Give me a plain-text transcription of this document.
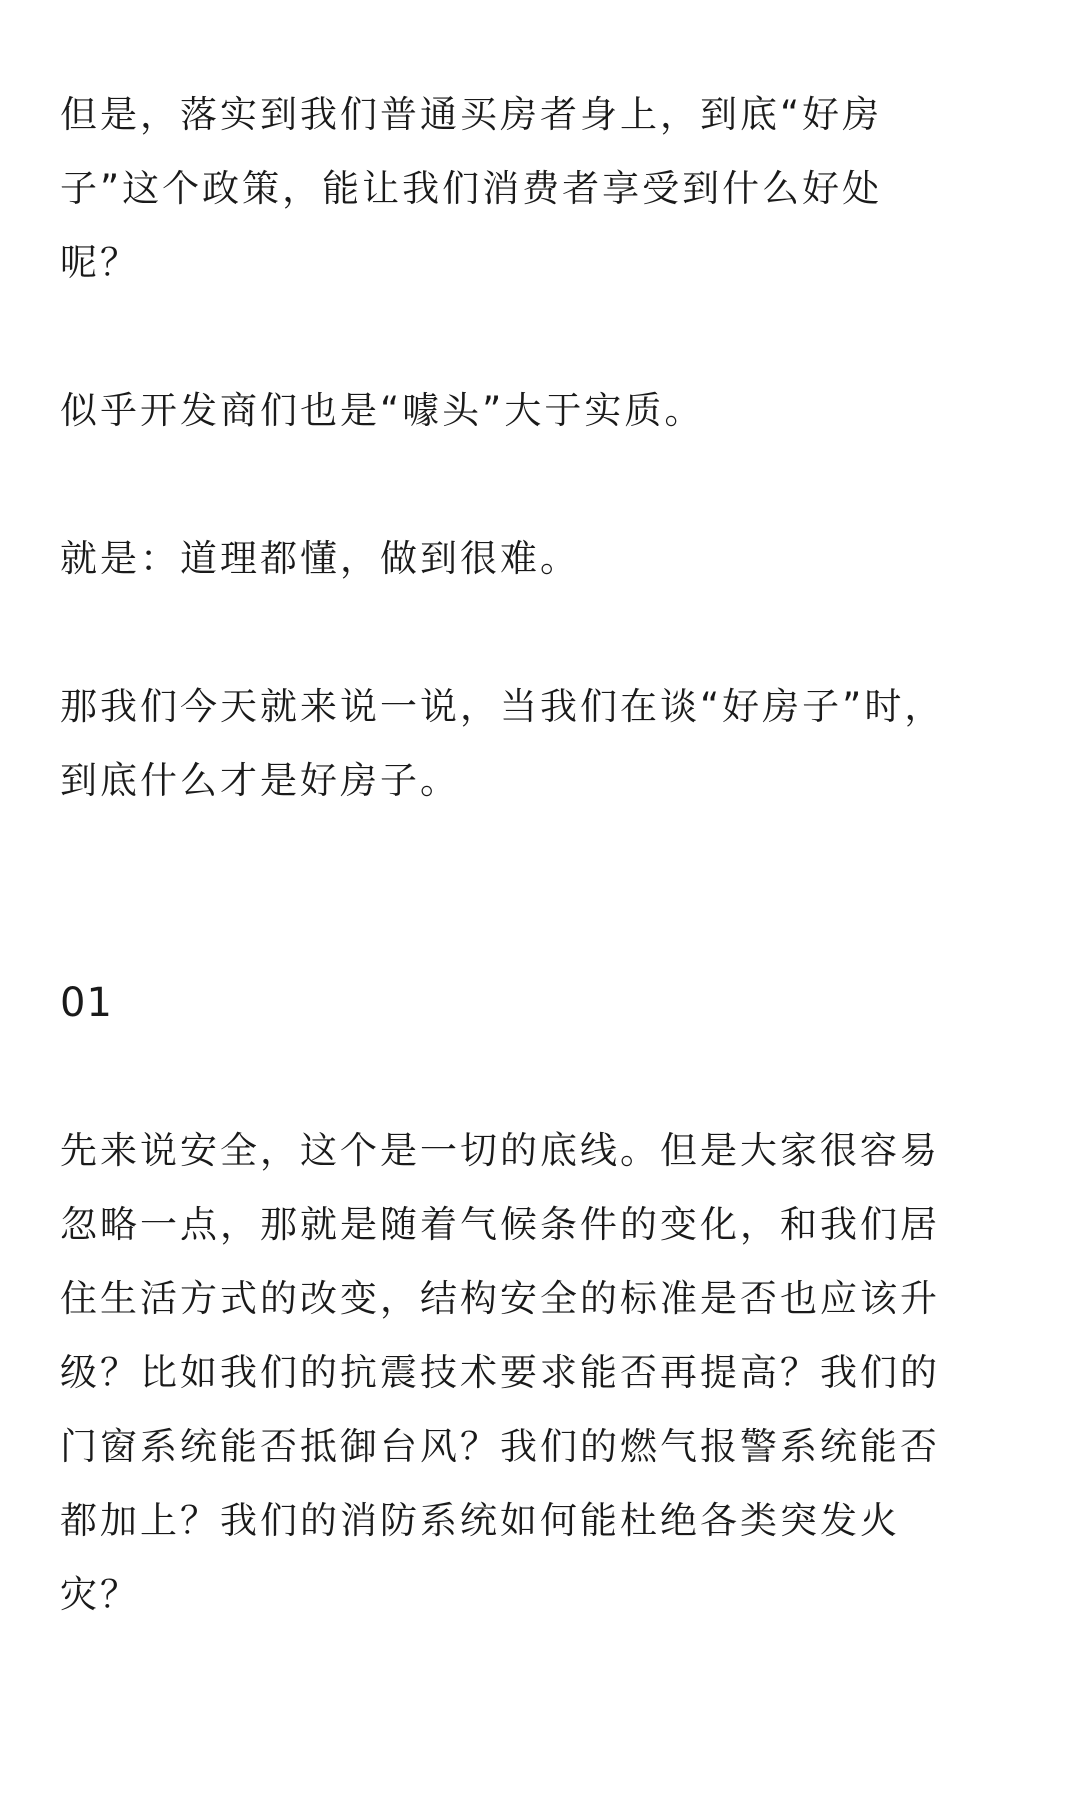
但是，落实到我们普通买房者身上，到底“好房
子”这个政策，能让我们消费者享受到什么好处
呢？

似乎开发商们也是“噱头”大于实质。

就是：道理都懂，做到很难。

那我们今天就来说一说，当我们在谈“好房子”时，
到底什么才是好房子。

01

先来说安全，这个是一切的底线。但是大家很容易
忽略一点，那就是随着气候条件的变化，和我们居
住生活方式的改变，结构安全的标准是否也应该升
级？比如我们的抗震技术要求能否再提高？我们的
门窗系统能否抵御台风？我们的燃气报警系统能否
都加上？我们的消防系统如何能杜绝各类突发火
灾？
